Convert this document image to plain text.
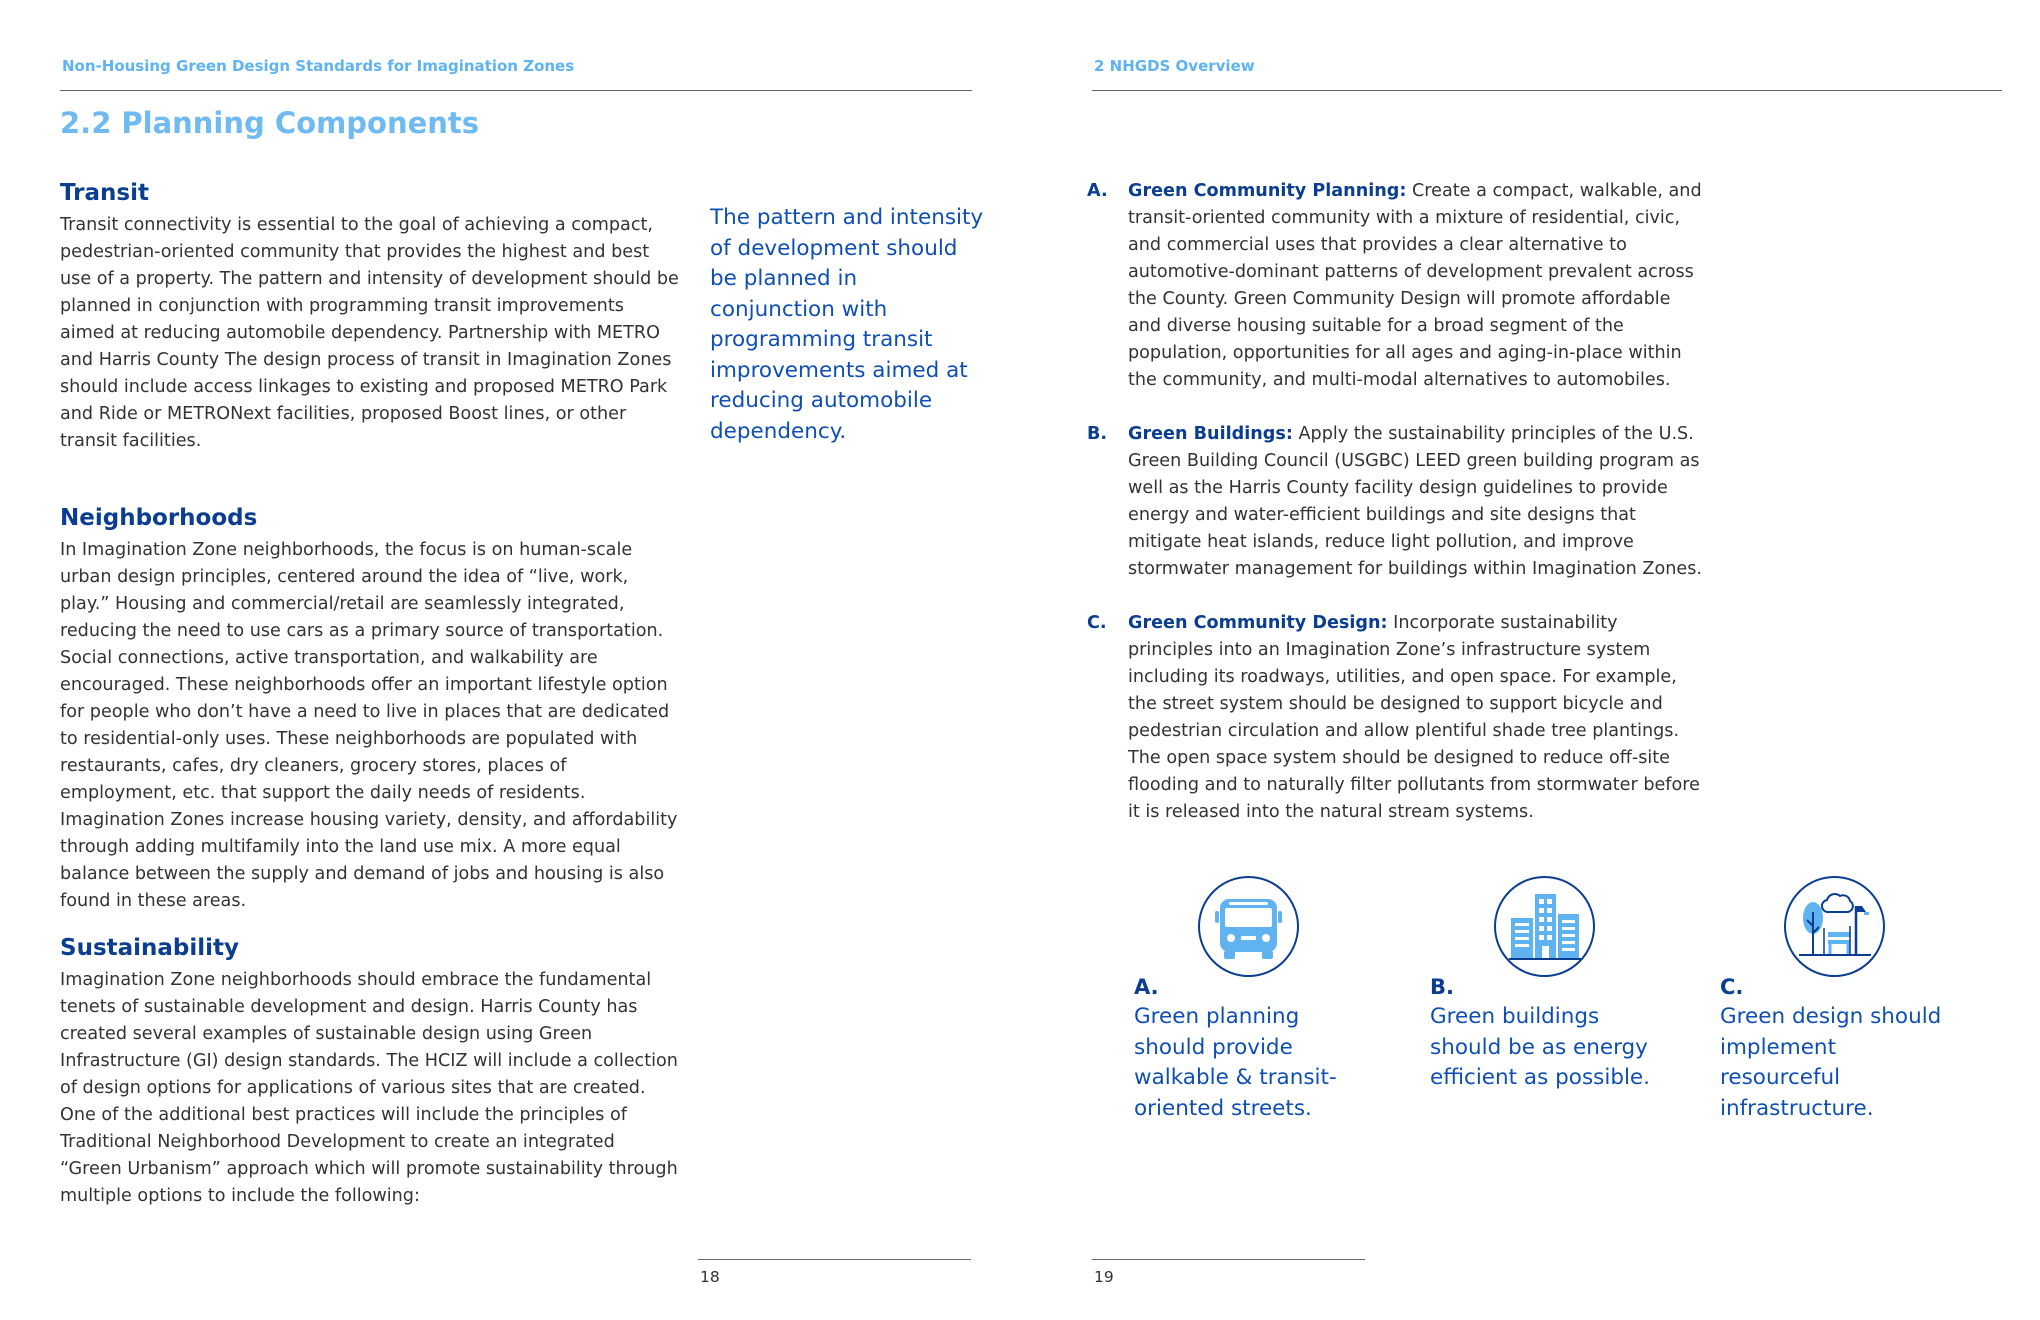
Non-Housing Green Design Standards for Imagination Zones
2.2 Planning Components
Transit

Transit connectivity is essential to the goal of achieving a compact, pedestrian-oriented community that provides the highest and best use of a property. The pattern and intensity of development should be planned in conjunction with programming transit improvements aimed at reducing automobile dependency. Partnership with METRO and Harris County The design process of transit in Imagination Zones should include access linkages to existing and proposed METRO Park and Ride or METRONext facilities, proposed Boost lines, or other transit facilities.

Neighborhoods

In Imagination Zone neighborhoods, the focus is on human-scale urban design principles, centered around the idea of “live, work, play.” Housing and commercial/retail are seamlessly integrated, reducing the need to use cars as a primary source of transportation. Social connections, active transportation, and walkability are encouraged. These neighborhoods offer an important lifestyle option for people who don’t have a need to live in places that are dedicated to residential-only uses. These neighborhoods are populated with restaurants, cafes, dry cleaners, grocery stores, places of employment, etc. that support the daily needs of residents. Imagination Zones increase housing variety, density, and affordability through adding multifamily into the land use mix. A more equal balance between the supply and demand of jobs and housing is also found in these areas.

Sustainability

Imagination Zone neighborhoods should embrace the fundamental tenets of sustainable development and design. Harris County has created several examples of sustainable design using Green Infrastructure (GI) design standards. The HCIZ will include a collection of design options for applications of various sites that are created. One of the additional best practices will include the principles of Traditional Neighborhood Development to create an integrated “Green Urbanism” approach which will promote sustainability through multiple options to include the following:

The pattern and intensity of development should be planned in conjunction with programming transit improvements aimed at reducing automobile dependency.

18
2 NHGDS Overview
A. Green Community Planning: Create a compact, walkable, and transit-oriented community with a mixture of residential, civic, and commercial uses that provides a clear alternative to automotive-dominant patterns of development prevalent across the County. Green Community Design will promote affordable and diverse housing suitable for a broad segment of the population, opportunities for all ages and aging-in-place within the community, and multi-modal alternatives to automobiles.

B. Green Buildings: Apply the sustainability principles of the U.S. Green Building Council (USGBC) LEED green building program as well as the Harris County facility design guidelines to provide energy and water-efficient buildings and site designs that mitigate heat islands, reduce light pollution, and improve stormwater management for buildings within Imagination Zones.

C. Green Community Design: Incorporate sustainability principles into an Imagination Zone’s infrastructure system including its roadways, utilities, and open space. For example, the street system should be designed to support bicycle and pedestrian circulation and allow plentiful shade tree plantings. The open space system should be designed to reduce off-site flooding and to naturally filter pollutants from stormwater before it is released into the natural stream systems.

A.

Green planning should provide walkable & transit-oriented streets.

B.

Green buildings should be as energy efficient as possible.

C.

Green design should implement resourceful infrastructure.

19
